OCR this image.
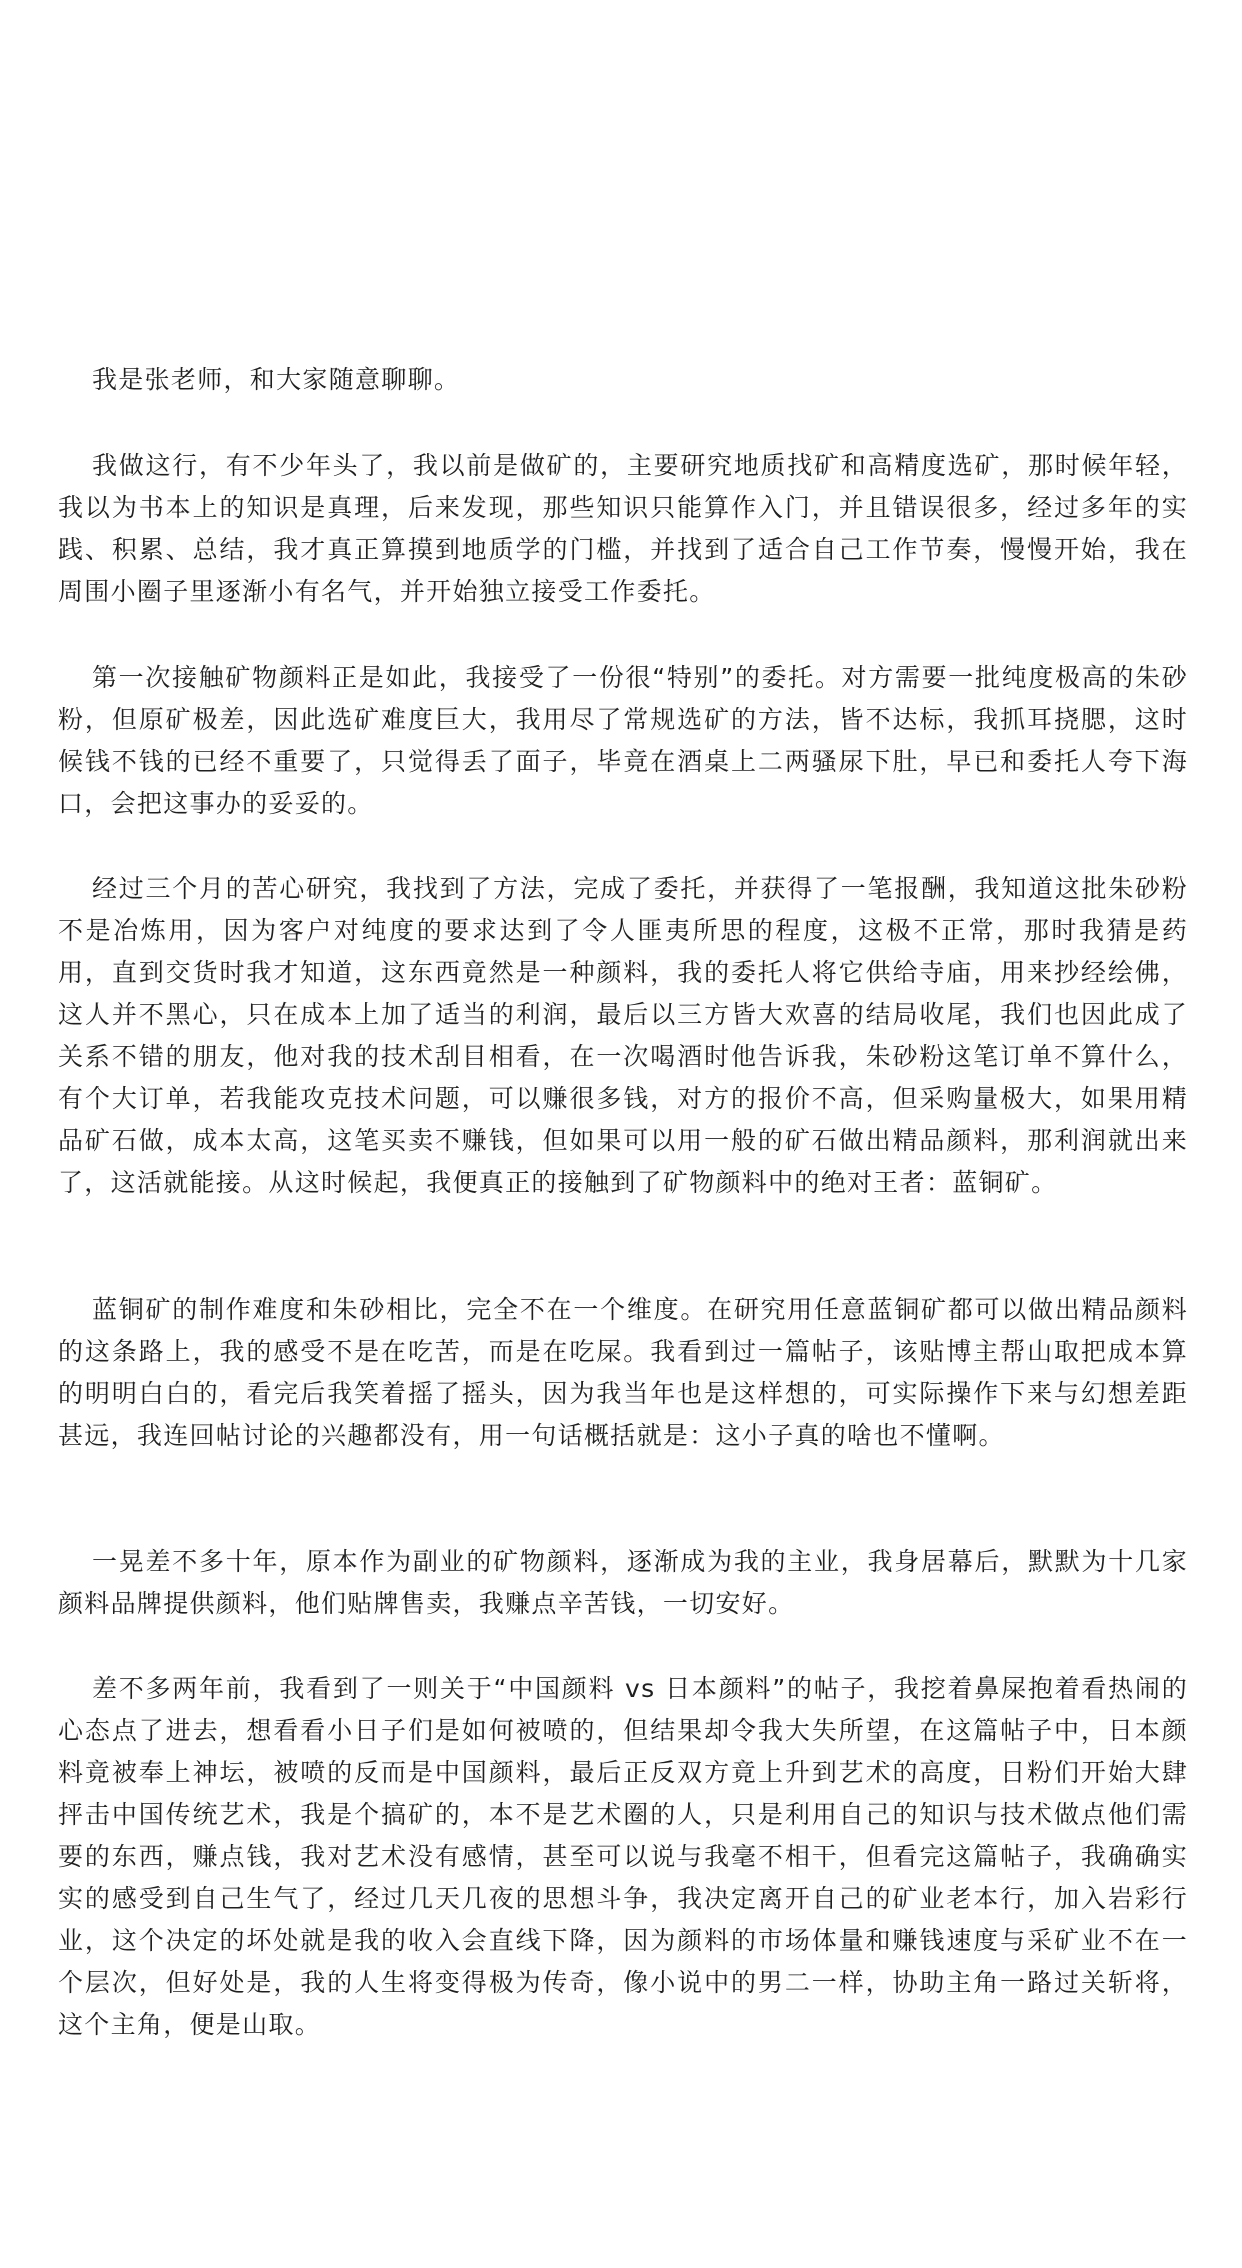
我是张老师，和大家随意聊聊。

我做这行，有不少年头了，我以前是做矿的，主要研究地质找矿和高精度选矿，那时候年轻，我以为书本上的知识是真理，后来发现，那些知识只能算作入门，并且错误很多，经过多年的实践、积累、总结，我才真正算摸到地质学的门槛，并找到了适合自己工作节奏，慢慢开始，我在周围小圈子里逐渐小有名气，并开始独立接受工作委托。

第一次接触矿物颜料正是如此，我接受了一份很“特别”的委托。对方需要一批纯度极高的朱砂粉，但原矿极差，因此选矿难度巨大，我用尽了常规选矿的方法，皆不达标，我抓耳挠腮，这时候钱不钱的已经不重要了，只觉得丢了面子，毕竟在酒桌上二两骚尿下肚，早已和委托人夸下海口，会把这事办的妥妥的。

经过三个月的苦心研究，我找到了方法，完成了委托，并获得了一笔报酬，我知道这批朱砂粉不是冶炼用，因为客户对纯度的要求达到了令人匪夷所思的程度，这极不正常，那时我猜是药用，直到交货时我才知道，这东西竟然是一种颜料，我的委托人将它供给寺庙，用来抄经绘佛，这人并不黑心，只在成本上加了适当的利润，最后以三方皆大欢喜的结局收尾，我们也因此成了关系不错的朋友，他对我的技术刮目相看，在一次喝酒时他告诉我，朱砂粉这笔订单不算什么，有个大订单，若我能攻克技术问题，可以赚很多钱，对方的报价不高，但采购量极大，如果用精品矿石做，成本太高，这笔买卖不赚钱，但如果可以用一般的矿石做出精品颜料，那利润就出来了，这活就能接。从这时候起，我便真正的接触到了矿物颜料中的绝对王者：蓝铜矿。

蓝铜矿的制作难度和朱砂相比，完全不在一个维度。在研究用任意蓝铜矿都可以做出精品颜料的这条路上，我的感受不是在吃苦，而是在吃屎。我看到过一篇帖子，该贴博主帮山取把成本算的明明白白的，看完后我笑着摇了摇头，因为我当年也是这样想的，可实际操作下来与幻想差距甚远，我连回帖讨论的兴趣都没有，用一句话概括就是：这小子真的啥也不懂啊。

一晃差不多十年，原本作为副业的矿物颜料，逐渐成为我的主业，我身居幕后，默默为十几家颜料品牌提供颜料，他们贴牌售卖，我赚点辛苦钱，一切安好。

差不多两年前，我看到了一则关于“中国颜料 vs 日本颜料”的帖子，我挖着鼻屎抱着看热闹的心态点了进去，想看看小日子们是如何被喷的，但结果却令我大失所望，在这篇帖子中，日本颜料竟被奉上神坛，被喷的反而是中国颜料，最后正反双方竟上升到艺术的高度，日粉们开始大肆抨击中国传统艺术，我是个搞矿的，本不是艺术圈的人，只是利用自己的知识与技术做点他们需要的东西，赚点钱，我对艺术没有感情，甚至可以说与我毫不相干，但看完这篇帖子，我确确实实的感受到自己生气了，经过几天几夜的思想斗争，我决定离开自己的矿业老本行，加入岩彩行业，这个决定的坏处就是我的收入会直线下降，因为颜料的市场体量和赚钱速度与采矿业不在一个层次，但好处是，我的人生将变得极为传奇，像小说中的男二一样，协助主角一路过关斩将，这个主角，便是山取。
